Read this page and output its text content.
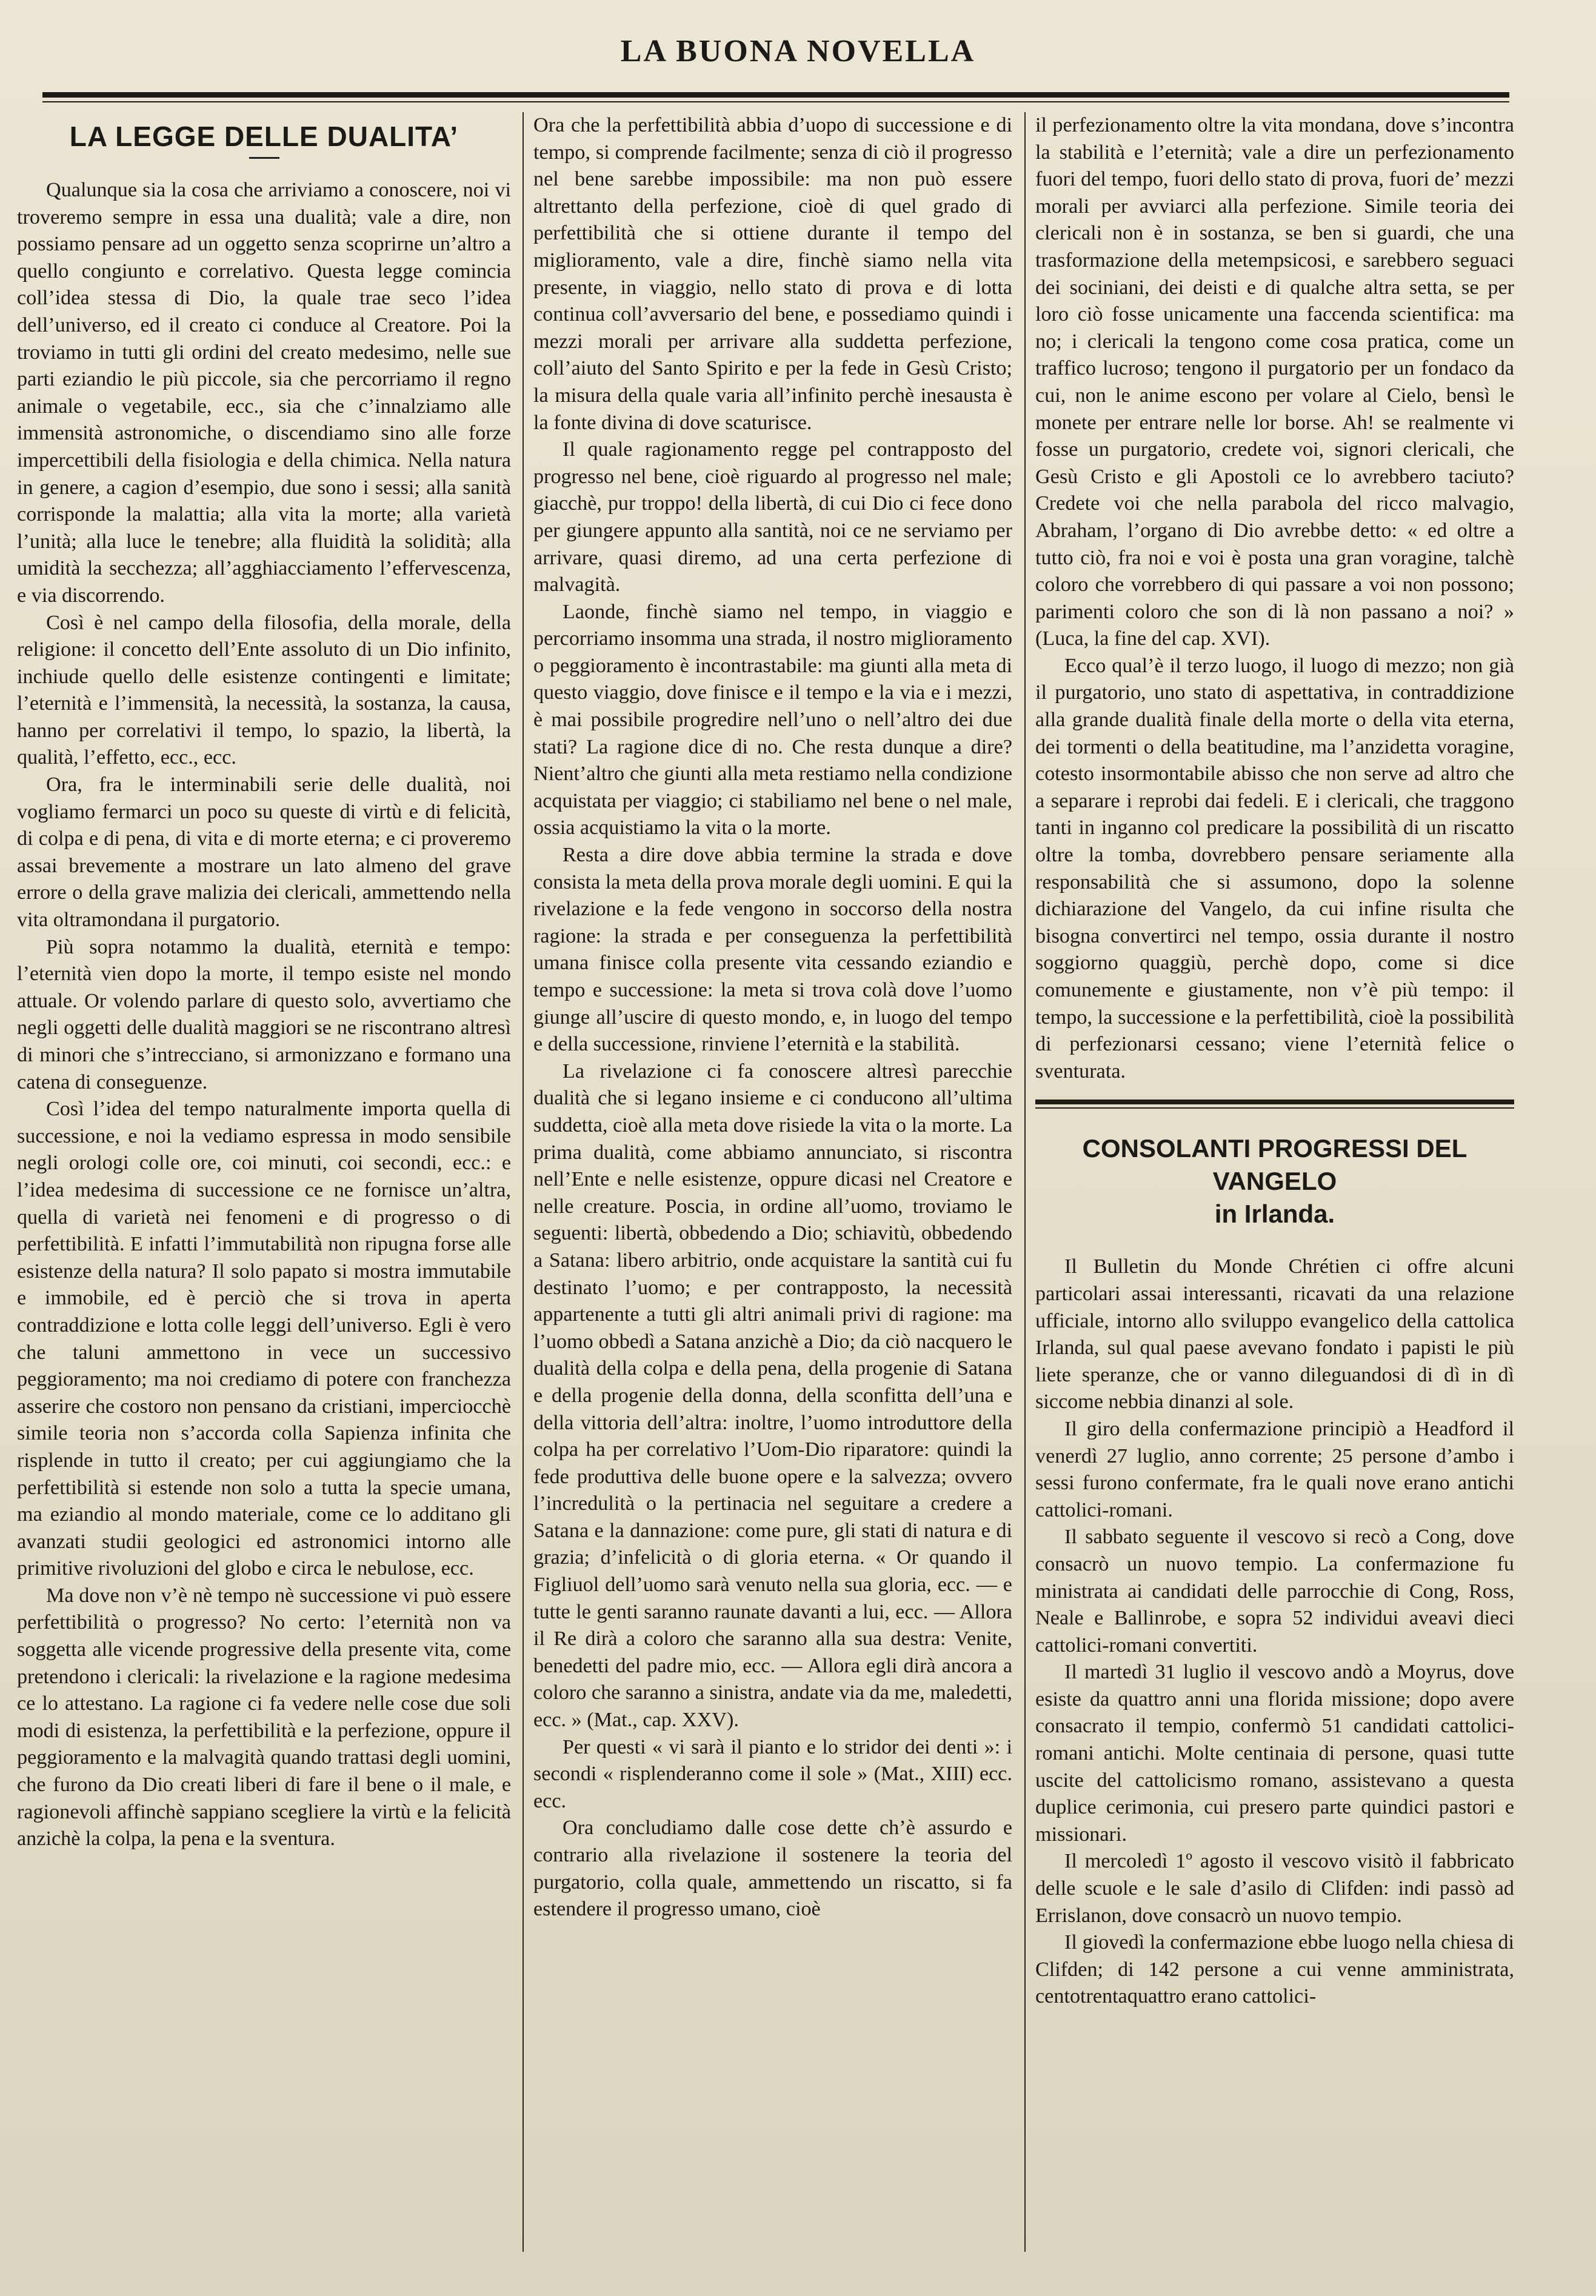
LA BUONA NOVELLA
LA LEGGE DELLE DUALITA’

Qualunque sia la cosa che arriviamo a conoscere, noi vi troveremo sempre in essa una dualità; vale a dire, non possiamo pensare ad un oggetto senza scoprirne un’altro a quello congiunto e correlativo. Questa legge comincia coll’idea stessa di Dio, la quale trae seco l’idea dell’universo, ed il creato ci conduce al Creatore. Poi la troviamo in tutti gli ordini del creato medesimo, nelle sue parti eziandio le più piccole, sia che percorriamo il regno animale o vegetabile, ecc., sia che c’innalziamo alle immensità astronomiche, o discendiamo sino alle forze impercettibili della fisiologia e della chimica. Nella natura in genere, a cagion d’esempio, due sono i sessi; alla sanità corrisponde la malattia; alla vita la morte; alla varietà l’unità; alla luce le tenebre; alla fluidità la solidità; alla umidità la secchezza; all’agghiacciamento l’effervescenza, e via discorrendo.

Così è nel campo della filosofia, della morale, della religione: il concetto dell’Ente assoluto di un Dio infinito, inchiude quello delle esistenze contingenti e limitate; l’eternità e l’immensità, la necessità, la sostanza, la causa, hanno per correlativi il tempo, lo spazio, la libertà, la qualità, l’effetto, ecc., ecc.

Ora, fra le interminabili serie delle dualità, noi vogliamo fermarci un poco su queste di virtù e di felicità, di colpa e di pena, di vita e di morte eterna; e ci proveremo assai brevemente a mostrare un lato almeno del grave errore o della grave malizia dei clericali, ammettendo nella vita oltramondana il purgatorio.

Più sopra notammo la dualità, eternità e tempo: l’eternità vien dopo la morte, il tempo esiste nel mondo attuale. Or volendo parlare di questo solo, avvertiamo che negli oggetti delle dualità maggiori se ne riscontrano altresì di minori che s’intrecciano, si armonizzano e formano una catena di conseguenze.

Così l’idea del tempo naturalmente importa quella di successione, e noi la vediamo espressa in modo sensibile negli orologi colle ore, coi minuti, coi secondi, ecc.: e l’idea medesima di successione ce ne fornisce un’altra, quella di varietà nei fenomeni e di progresso o di perfettibilità. E infatti l’immutabilità non ripugna forse alle esistenze della natura? Il solo papato si mostra immutabile e immobile, ed è perciò che si trova in aperta contraddizione e lotta colle leggi dell’universo. Egli è vero che taluni ammettono in vece un successivo peggioramento; ma noi crediamo di potere con franchezza asserire che costoro non pensano da cristiani, imperciocchè simile teoria non s’accorda colla Sapienza infinita che risplende in tutto il creato; per cui aggiungiamo che la perfettibilità si estende non solo a tutta la specie umana, ma eziandio al mondo materiale, come ce lo additano gli avanzati studii geologici ed astronomici intorno alle primitive rivoluzioni del globo e circa le nebulose, ecc.

Ma dove non v’è nè tempo nè successione vi può essere perfettibilità o progresso? No certo: l’eternità non va soggetta alle vicende progressive della presente vita, come pretendono i clericali: la rivelazione e la ragione medesima ce lo attestano. La ragione ci fa vedere nelle cose due soli modi di esistenza, la perfettibilità e la perfezione, oppure il peggioramento e la malvagità quando trattasi degli uomini, che furono da Dio creati liberi di fare il bene o il male, e ragionevoli affinchè sappiano scegliere la virtù e la felicità anzichè la colpa, la pena e la sventura.

Ora che la perfettibilità abbia d’uopo di successione e di tempo, si comprende facilmente; senza di ciò il progresso nel bene sarebbe impossibile: ma non può essere altrettanto della perfezione, cioè di quel grado di perfettibilità che si ottiene durante il tempo del miglioramento, vale a dire, finchè siamo nella vita presente, in viaggio, nello stato di prova e di lotta continua coll’avversario del bene, e possediamo quindi i mezzi morali per arrivare alla suddetta perfezione, coll’aiuto del Santo Spirito e per la fede in Gesù Cristo; la misura della quale varia all’infinito perchè inesausta è la fonte divina di dove scaturisce.

Il quale ragionamento regge pel contrapposto del progresso nel bene, cioè riguardo al progresso nel male; giacchè, pur troppo! della libertà, di cui Dio ci fece dono per giungere appunto alla santità, noi ce ne serviamo per arrivare, quasi diremo, ad una certa perfezione di malvagità.

Laonde, finchè siamo nel tempo, in viaggio e percorriamo insomma una strada, il nostro miglioramento o peggioramento è incontrastabile: ma giunti alla meta di questo viaggio, dove finisce e il tempo e la via e i mezzi, è mai possibile progredire nell’uno o nell’altro dei due stati? La ragione dice di no. Che resta dunque a dire? Nient’altro che giunti alla meta restiamo nella condizione acquistata per viaggio; ci stabiliamo nel bene o nel male, ossia acquistiamo la vita o la morte.

Resta a dire dove abbia termine la strada e dove consista la meta della prova morale degli uomini. E qui la rivelazione e la fede vengono in soccorso della nostra ragione: la strada e per conseguenza la perfettibilità umana finisce colla presente vita cessando eziandio e tempo e successione: la meta si trova colà dove l’uomo giunge all’uscire di questo mondo, e, in luogo del tempo e della successione, rinviene l’eternità e la stabilità.

La rivelazione ci fa conoscere altresì parecchie dualità che si legano insieme e ci conducono all’ultima suddetta, cioè alla meta dove risiede la vita o la morte. La prima dualità, come abbiamo annunciato, si riscontra nell’Ente e nelle esistenze, oppure dicasi nel Creatore e nelle creature. Poscia, in ordine all’uomo, troviamo le seguenti: libertà, obbedendo a Dio; schiavitù, obbedendo a Satana: libero arbitrio, onde acquistare la santità cui fu destinato l’uomo; e per contrapposto, la necessità appartenente a tutti gli altri animali privi di ragione: ma l’uomo obbedì a Satana anzichè a Dio; da ciò nacquero le dualità della colpa e della pena, della progenie di Satana e della progenie della donna, della sconfitta dell’una e della vittoria dell’altra: inoltre, l’uomo introduttore della colpa ha per correlativo l’Uom-Dio riparatore: quindi la fede produttiva delle buone opere e la salvezza; ovvero l’incredulità o la pertinacia nel seguitare a credere a Satana e la dannazione: come pure, gli stati di natura e di grazia; d’infelicità o di gloria eterna. « Or quando il Figliuol dell’uomo sarà venuto nella sua gloria, ecc. — e tutte le genti saranno raunate davanti a lui, ecc. — Allora il Re dirà a coloro che saranno alla sua destra: Venite, benedetti del padre mio, ecc. — Allora egli dirà ancora a coloro che saranno a sinistra, andate via da me, maledetti, ecc. » (Mat., cap. XXV).

Per questi « vi sarà il pianto e lo stridor dei denti »: i secondi « risplenderanno come il sole » (Mat., XIII) ecc. ecc.

Ora concludiamo dalle cose dette ch’è assurdo e contrario alla rivelazione il sostenere la teoria del purgatorio, colla quale, ammettendo un riscatto, si fa estendere il progresso umano, cioè

il perfezionamento oltre la vita mondana, dove s’incontra la stabilità e l’eternità; vale a dire un perfezionamento fuori del tempo, fuori dello stato di prova, fuori de’ mezzi morali per avviarci alla perfezione. Simile teoria dei clericali non è in sostanza, se ben si guardi, che una trasformazione della metempsicosi, e sarebbero seguaci dei sociniani, dei deisti e di qualche altra setta, se per loro ciò fosse unicamente una faccenda scientifica: ma no; i clericali la tengono come cosa pratica, come un traffico lucroso; tengono il purgatorio per un fondaco da cui, non le anime escono per volare al Cielo, bensì le monete per entrare nelle lor borse. Ah! se realmente vi fosse un purgatorio, credete voi, signori clericali, che Gesù Cristo e gli Apostoli ce lo avrebbero taciuto? Credete voi che nella parabola del ricco malvagio, Abraham, l’organo di Dio avrebbe detto: « ed oltre a tutto ciò, fra noi e voi è posta una gran voragine, talchè coloro che vorrebbero di qui passare a voi non possono; parimenti coloro che son di là non passano a noi? » (Luca, la fine del cap. XVI).

Ecco qual’è il terzo luogo, il luogo di mezzo; non già il purgatorio, uno stato di aspettativa, in contraddizione alla grande dualità finale della morte o della vita eterna, dei tormenti o della beatitudine, ma l’anzidetta voragine, cotesto insormontabile abisso che non serve ad altro che a separare i reprobi dai fedeli. E i clericali, che traggono tanti in inganno col predicare la possibilità di un riscatto oltre la tomba, dovrebbero pensare seriamente alla responsabilità che si assumono, dopo la solenne dichiarazione del Vangelo, da cui infine risulta che bisogna convertirci nel tempo, ossia durante il nostro soggiorno quaggiù, perchè dopo, come si dice comunemente e giustamente, non v’è più tempo: il tempo, la successione e la perfettibilità, cioè la possibilità di perfezionarsi cessano; viene l’eternità felice o sventurata.

CONSOLANTI PROGRESSI DEL VANGELO
in Irlanda.

Il Bulletin du Monde Chrétien ci offre alcuni particolari assai interessanti, ricavati da una relazione ufficiale, intorno allo sviluppo evangelico della cattolica Irlanda, sul qual paese avevano fondato i papisti le più liete speranze, che or vanno dileguandosi di dì in dì siccome nebbia dinanzi al sole.

Il giro della confermazione principiò a Headford il venerdì 27 luglio, anno corrente; 25 persone d’ambo i sessi furono confermate, fra le quali nove erano antichi cattolici-romani.

Il sabbato seguente il vescovo si recò a Cong, dove consacrò un nuovo tempio. La confermazione fu ministrata ai candidati delle parrocchie di Cong, Ross, Neale e Ballinrobe, e sopra 52 individui aveavi dieci cattolici-romani convertiti.

Il martedì 31 luglio il vescovo andò a Moyrus, dove esiste da quattro anni una florida missione; dopo avere consacrato il tempio, confermò 51 candidati cattolici-romani antichi. Molte centinaia di persone, quasi tutte uscite del cattolicismo romano, assistevano a questa duplice cerimonia, cui presero parte quindici pastori e missionari.

Il mercoledì 1º agosto il vescovo visitò il fabbricato delle scuole e le sale d’asilo di Clifden: indi passò ad Errislanon, dove consacrò un nuovo tempio.

Il giovedì la confermazione ebbe luogo nella chiesa di Clifden; di 142 persone a cui venne amministrata, centotrentaquattro erano cattolici-
